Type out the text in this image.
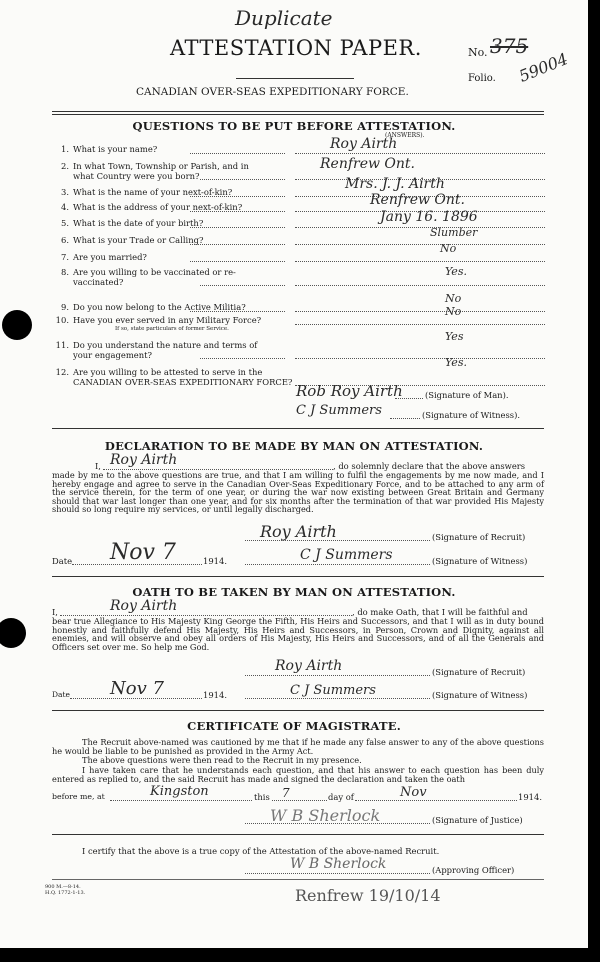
Duplicate
ATTESTATION PAPER.	No. 375
Folio. 59004
CANADIAN OVER-SEAS EXPEDITIONARY FORCE.
QUESTIONS TO BE PUT BEFORE ATTESTATION.
(ANSWERS).
1. What is your name?	Roy Airth
2. In what Town, Township or Parish, and in
what Country were you born?
Renfrew Ont.
3. What is the name of your next-of-kin?	Mrs. J. J. Airth
4. What is the address of your next-of-kin?	Renfrew Ont.
5. What is the date of your birth?	Jany 16. 1896
6. What is your Trade or Calling?
Slumber
7. Are you married?
No
8. Are you willing to be vaccinated or re-
vaccinated?
Yes.
9. Do you now belong to the Active Militia?
No
10. Have you ever served in any Military Force?
If so, state particulars of former Service.
No
11. Do you understand the nature and terms of
your engagement?
Yes
12. Are you willing to be attested to serve in the
CANADIAN OVER-SEAS EXPEDITIONARY FORCE?
Yes.
Rob Roy Airth	(Signature of Man).
C J Summers	(Signature of Witness).
DECLARATION TO BE MADE BY MAN ON ATTESTATION.
I, Roy Airth	, do solemnly declare that the above answers
made by me to the above questions are true, and that I am willing to fulfil the engagements by me now made, and I hereby engage and agree to serve in the Canadian Over-Seas Expeditionary Force, and to be attached to any arm of the service therein, for the term of one year, or during the war now existing between Great Britain and Germany should that war last longer than one year, and for six months after the termination of that war provided His Majesty should so long require my services, or until legally discharged.
Roy Airth	(Signature of Recruit)
Date Nov 7	1914.	C J Summers	(Signature of Witness)
OATH TO BE TAKEN BY MAN ON ATTESTATION.
I,	Roy Airth	, do make Oath, that I will be faithful and
bear true Allegiance to His Majesty King George the Fifth, His Heirs and Successors, and that I will as in duty bound honestly and faithfully defend His Majesty, His Heirs and Successors, in Person, Crown and Dignity, against all enemies, and will observe and obey all orders of His Majesty, His Heirs and Successors, and of all the Generals and Officers set over me. So help me God.
Roy Airth	(Signature of Recruit)
Date Nov 7	1914.	C J Summers	(Signature of Witness)
CERTIFICATE OF MAGISTRATE.
The Recruit above-named was cautioned by me that if he made any false answer to any of the above questions he would be liable to be punished as provided in the Army Act.
The above questions were then read to the Recruit in my presence.
I have taken care that he understands each question, and that his answer to each question has been duly entered as replied to, and the said Recruit has made and signed the declaration and taken the oath
before me, at	Kingston	this 7	day of	Nov	1914.
W B Sherlock	(Signature of Justice)
I certify that the above is a true copy of the Attestation of the above-named Recruit.
W B Sherlock	(Approving Officer)
900 M.—8-14.
H.Q. 1772-1-13.	Renfrew 19/10/14
